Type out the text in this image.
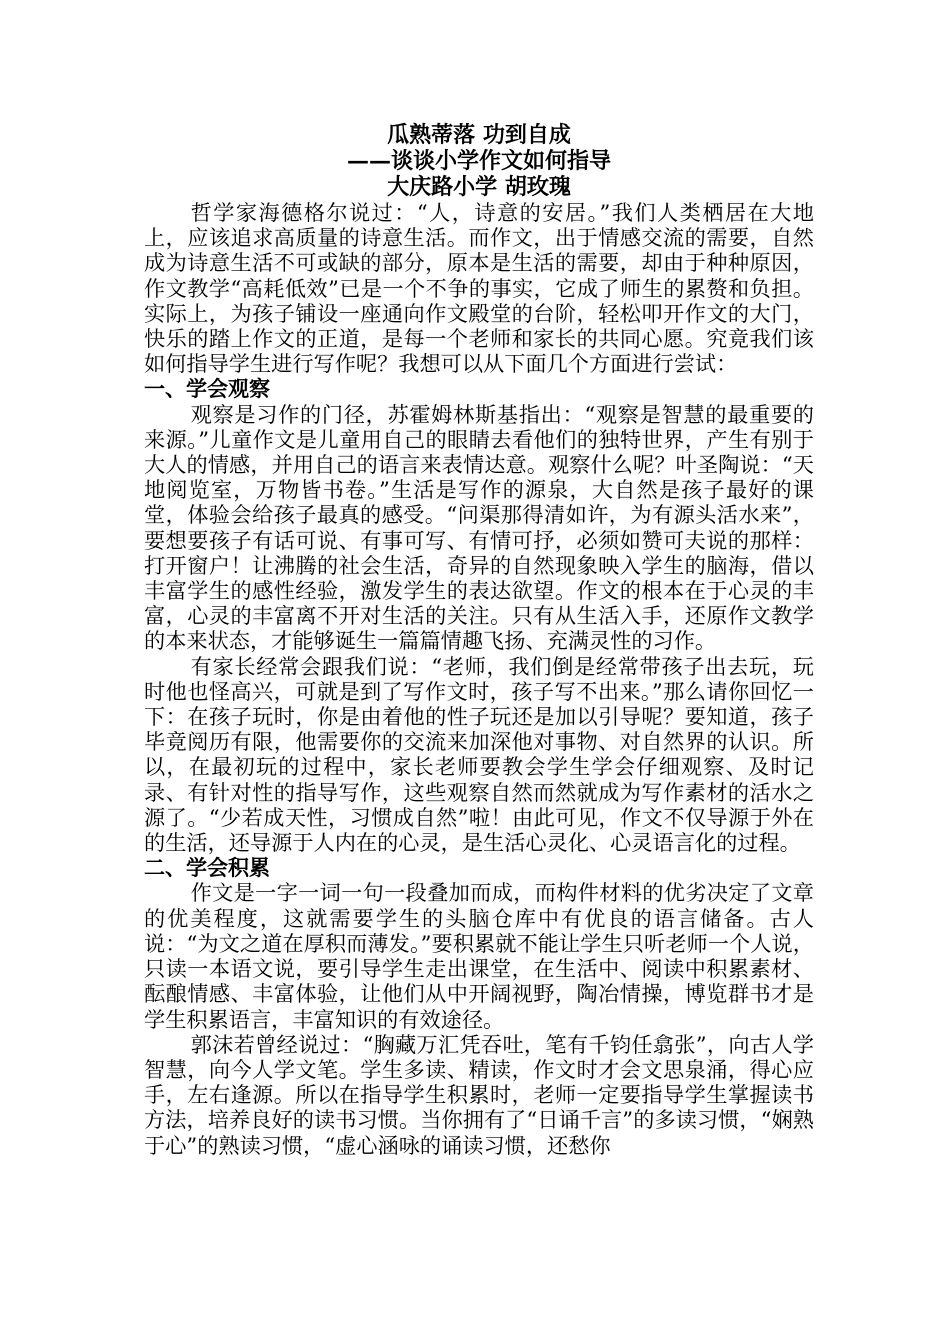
瓜熟蒂落 功到自成
——谈谈小学作文如何指导
大庆路小学 胡玫瑰

哲学家海德格尔说过：“人，诗意的安居。”我们人类栖居在大地上，应该追求高质量的诗意生活。而作文，出于情感交流的需要，自然成为诗意生活不可或缺的部分，原本是生活的需要，却由于种种原因，作文教学“高耗低效”已是一个不争的事实，它成了师生的累赘和负担。实际上，为孩子铺设一座通向作文殿堂的台阶，轻松叩开作文的大门，快乐的踏上作文的正道，是每一个老师和家长的共同心愿。究竟我们该如何指导学生进行写作呢？我想可以从下面几个方面进行尝试：

一、学会观察

观察是习作的门径，苏霍姆林斯基指出：“观察是智慧的最重要的来源。”儿童作文是儿童用自己的眼睛去看他们的独特世界，产生有别于大人的情感，并用自己的语言来表情达意。观察什么呢？叶圣陶说：“天地阅览室，万物皆书卷。”生活是写作的源泉，大自然是孩子最好的课堂，体验会给孩子最真的感受。“问渠那得清如许，为有源头活水来”，要想要孩子有话可说、有事可写、有情可抒，必须如赞可夫说的那样：打开窗户！让沸腾的社会生活，奇异的自然现象映入学生的脑海，借以丰富学生的感性经验，激发学生的表达欲望。作文的根本在于心灵的丰富，心灵的丰富离不开对生活的关注。只有从生活入手，还原作文教学的本来状态，才能够诞生一篇篇情趣飞扬、充满灵性的习作。

有家长经常会跟我们说：“老师，我们倒是经常带孩子出去玩，玩时他也怪高兴，可就是到了写作文时，孩子写不出来。”那么请你回忆一下：在孩子玩时，你是由着他的性子玩还是加以引导呢？要知道，孩子毕竟阅历有限，他需要你的交流来加深他对事物、对自然界的认识。所以，在最初玩的过程中，家长老师要教会学生学会仔细观察、及时记录、有针对性的指导写作，这些观察自然而然就成为写作素材的活水之源了。“少若成天性，习惯成自然”啦！由此可见，作文不仅导源于外在的生活，还导源于人内在的心灵，是生活心灵化、心灵语言化的过程。

二、学会积累

作文是一字一词一句一段叠加而成，而构件材料的优劣决定了文章的优美程度，这就需要学生的头脑仓库中有优良的语言储备。古人说：“为文之道在厚积而薄发。”要积累就不能让学生只听老师一个人说，只读一本语文说，要引导学生走出课堂，在生活中、阅读中积累素材、酝酿情感、丰富体验，让他们从中开阔视野，陶冶情操，博览群书才是学生积累语言，丰富知识的有效途径。

郭沫若曾经说过：“胸藏万汇凭吞吐，笔有千钧任翕张”，向古人学智慧，向今人学文笔。学生多读、精读，作文时才会文思泉涌，得心应手，左右逢源。所以在指导学生积累时，老师一定要指导学生掌握读书方法，培养良好的读书习惯。当你拥有了“日诵千言”的多读习惯，“娴熟于心”的熟读习惯，“虚心涵咏的诵读习惯，还愁你
